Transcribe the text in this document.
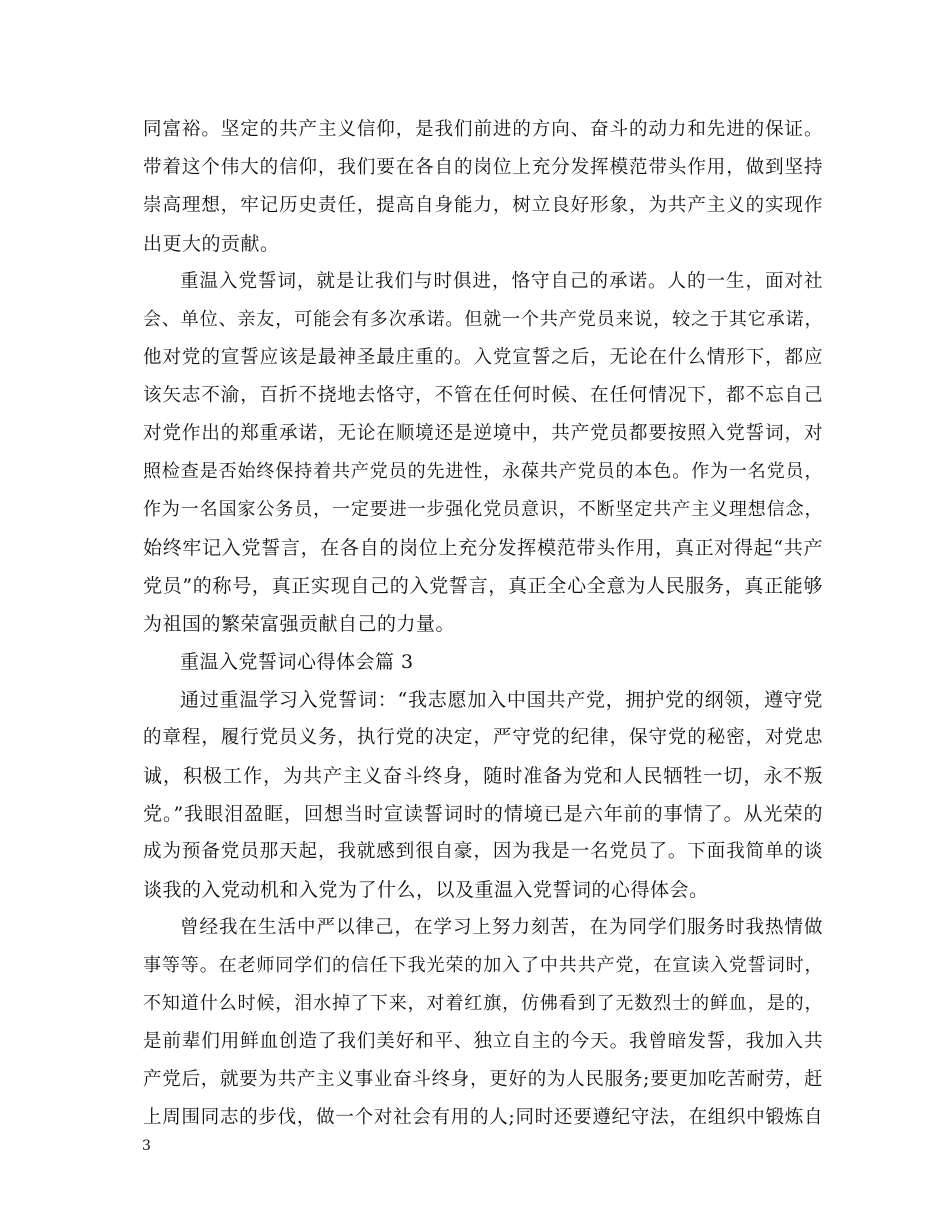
同富裕。坚定的共产主义信仰，是我们前进的方向、奋斗的动力和先进的保证。
带着这个伟大的信仰，我们要在各自的岗位上充分发挥模范带头作用，做到坚持
崇高理想，牢记历史责任，提高自身能力，树立良好形象，为共产主义的实现作
出更大的贡献。
重温入党誓词，就是让我们与时俱进，恪守自己的承诺。人的一生，面对社
会、单位、亲友，可能会有多次承诺。但就一个共产党员来说，较之于其它承诺，
他对党的宣誓应该是最神圣最庄重的。入党宣誓之后，无论在什么情形下，都应
该矢志不渝，百折不挠地去恪守，不管在任何时候、在任何情况下，都不忘自己
对党作出的郑重承诺，无论在顺境还是逆境中，共产党员都要按照入党誓词，对
照检查是否始终保持着共产党员的先进性，永葆共产党员的本色。作为一名党员，
作为一名国家公务员，一定要进一步强化党员意识，不断坚定共产主义理想信念，
始终牢记入党誓言，在各自的岗位上充分发挥模范带头作用，真正对得起“共产
党员”的称号，真正实现自己的入党誓言，真正全心全意为人民服务，真正能够
为祖国的繁荣富强贡献自己的力量。
重温入党誓词心得体会篇 3
通过重温学习入党誓词：“我志愿加入中国共产党，拥护党的纲领，遵守党
的章程，履行党员义务，执行党的决定，严守党的纪律，保守党的秘密，对党忠
诚，积极工作，为共产主义奋斗终身，随时准备为党和人民牺牲一切，永不叛
党。”我眼泪盈眶，回想当时宣读誓词时的情境已是六年前的事情了。从光荣的
成为预备党员那天起，我就感到很自豪，因为我是一名党员了。下面我简单的谈
谈我的入党动机和入党为了什么，以及重温入党誓词的心得体会。
曾经我在生活中严以律己，在学习上努力刻苦，在为同学们服务时我热情做
事等等。在老师同学们的信任下我光荣的加入了中共共产党，在宣读入党誓词时，
不知道什么时候，泪水掉了下来，对着红旗，仿佛看到了无数烈士的鲜血，是的，
是前辈们用鲜血创造了我们美好和平、独立自主的今天。我曾暗发誓，我加入共
产党后，就要为共产主义事业奋斗终身，更好的为人民服务;要更加吃苦耐劳，赶
上周围同志的步伐，做一个对社会有用的人;同时还要遵纪守法，在组织中锻炼自
3
